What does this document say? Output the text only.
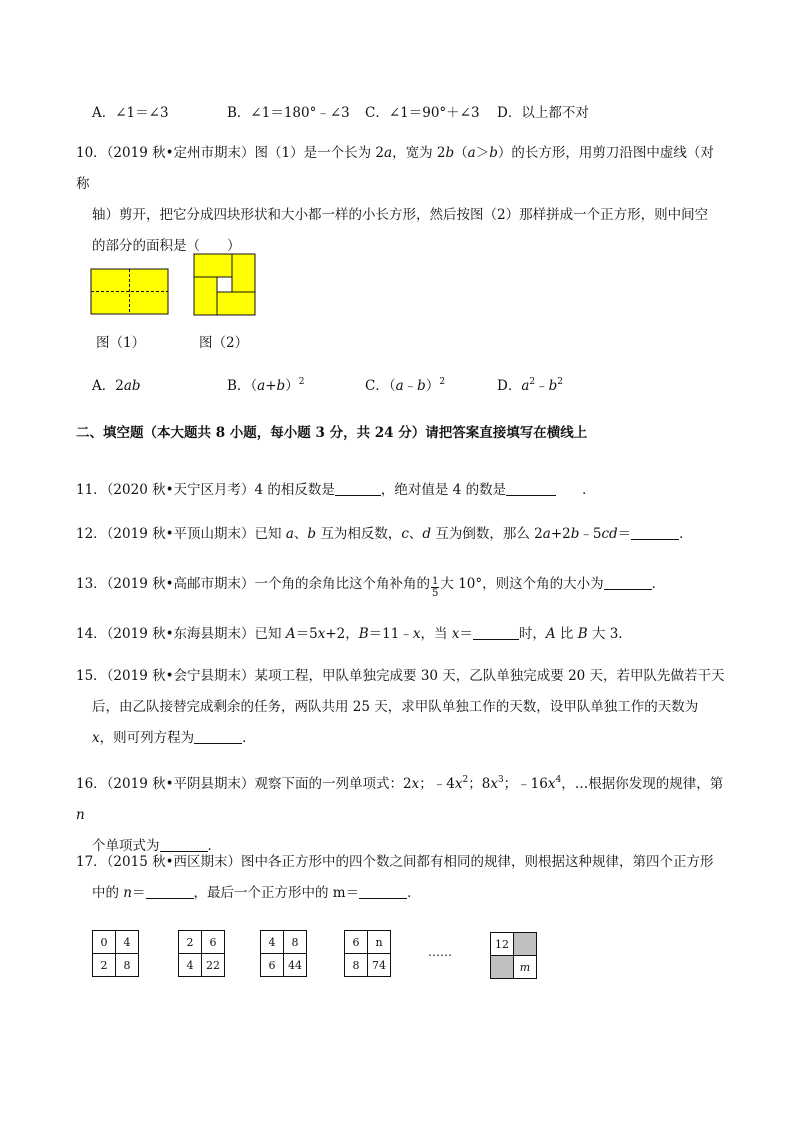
A．∠1＝∠3	B．∠1＝180°﹣∠3 C．∠1＝90°＋∠3 D．以上都不对
10．（2019 秋•定州市期末）图（1）是一个长为 2a，宽为 2b（a＞b）的长方形，用剪刀沿图中虚线（对称
轴）剪开，把它分成四块形状和大小都一样的小长方形，然后按图（2）那样拼成一个正方形，则中间空
的部分的面积是（　　）
图（1）	图（2）
A．2ab	B．$(a+b)^2$	C．（a﹣b）$^2$	D．$a^2﹣b^2$
二、填空题（本大题共 8 小题，每小题 3 分，共 24 分）请把答案直接填写在横线上
11．（2020 秋•天宁区月考）4 的相反数是	，绝对值是 4 的数是	．
12．（2019 秋•平顶山期末）已知 a、b 互为相反数，c、d 互为倒数，那么 2a+2b﹣5cd＝	．
13．（2019 秋•高邮市期末）一个角的余角比这个角补角的 $\frac{1}{5}$ 大 10°，则这个角的大小为	．
14．（2019 秋•东海县期末）已知 A＝5x+2，B＝11﹣x，当 x＝	时，A 比 B 大 3．
15．（2019 秋•会宁县期末）某项工程，甲队单独完成要 30 天，乙队单独完成要 20 天，若甲队先做若干天
后，由乙队接替完成剩余的任务，两队共用 25 天，求甲队单独工作的天数，设甲队单独工作的天数为
x，则可列方程为	．
16．（2019 秋•平阴县期末）观察下面的一列单项式：2x；$﹣4x^2$；$8x^3$；$﹣16x^4$，…根据你发现的规律，第 n
个单项式为	．
17．（2015 秋•西区期末）图中各正方形中的四个数之间都有相同的规律，则根据这种规律，第四个正方形
中的 n＝	，最后一个正方形中的 m＝	．
0	4
2	8
2	6
4	22
4	8
6	44
6	n
8	74
……
12	
	m
